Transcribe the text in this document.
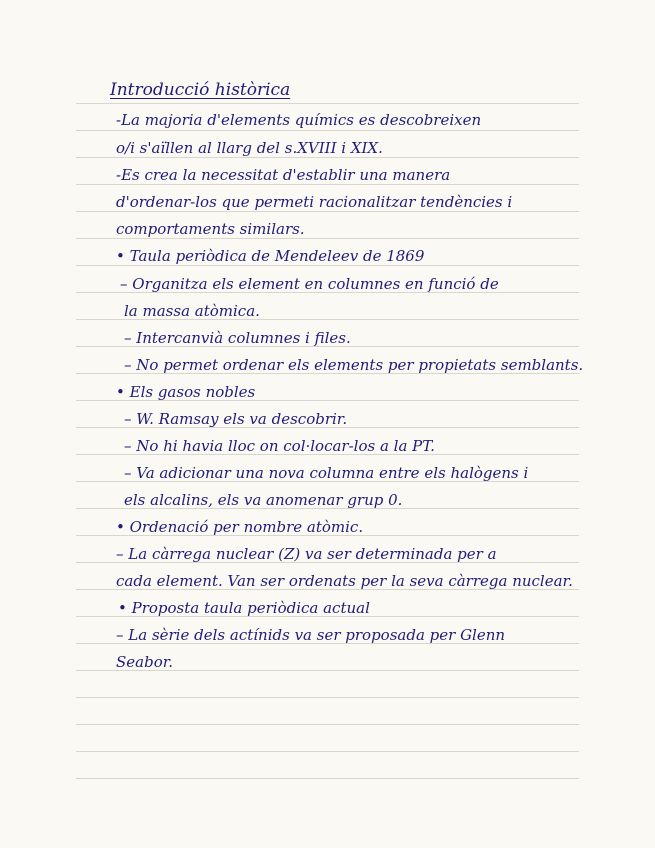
Introducció històrica
-La majoria d'elements químics es descobreixen
o/i s'aïllen al llarg del s.XVIII i XIX.
-Es crea la necessitat d'establir una manera
d'ordenar-los que permeti racionalitzar tendències i
comportaments similars.
• Taula periòdica de Mendeleev de 1869
– Organitza els element en columnes en funció de
la massa atòmica.
– Intercanvià columnes i files.
– No permet ordenar els elements per propietats semblants.
• Els gasos nobles
– W. Ramsay els va descobrir.
– No hi havia lloc on col·locar-los a la PT.
– Va adicionar una nova columna entre els halògens i
els alcalins, els va anomenar grup 0.
• Ordenació per nombre atòmic.
– La càrrega nuclear (Z) va ser determinada per a
cada element. Van ser ordenats per la seva càrrega nuclear.
• Proposta taula periòdica actual
– La sèrie dels actínids va ser proposada per Glenn
Seabor.
